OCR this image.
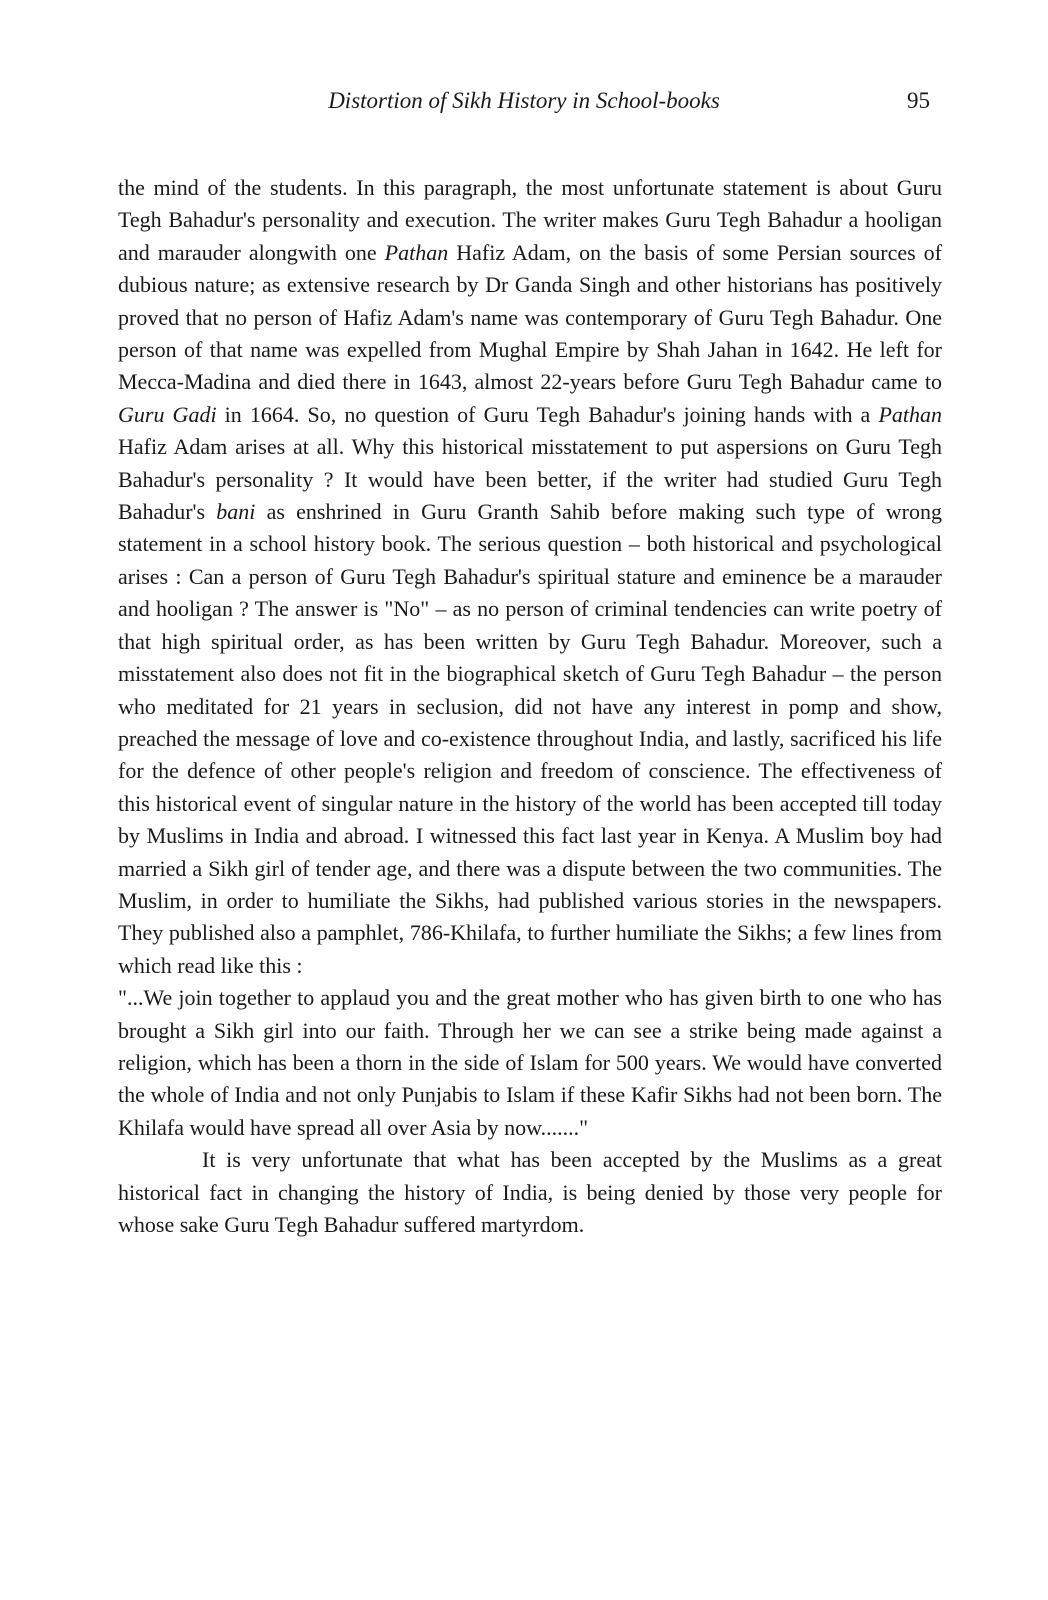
Distortion of Sikh History in School-books	95

the mind of the students. In this paragraph, the most unfortunate statement is about Guru Tegh Bahadur's personality and execution. The writer makes Guru Tegh Bahadur a hooligan and marauder alongwith one Pathan Hafiz Adam, on the basis of some Persian sources of dubious nature; as extensive research by Dr Ganda Singh and other historians has positively proved that no person of Hafiz Adam's name was contemporary of Guru Tegh Bahadur. One person of that name was expelled from Mughal Empire by Shah Jahan in 1642. He left for Mecca-Madina and died there in 1643, almost 22-years before Guru Tegh Bahadur came to Guru Gadi in 1664. So, no question of Guru Tegh Bahadur's joining hands with a Pathan Hafiz Adam arises at all. Why this historical misstatement to put aspersions on Guru Tegh Bahadur's personality ? It would have been better, if the writer had studied Guru Tegh Bahadur's bani as enshrined in Guru Granth Sahib before making such type of wrong statement in a school history book. The serious question – both historical and psychological arises : Can a person of Guru Tegh Bahadur's spiritual stature and eminence be a marauder and hooligan ? The answer is "No" – as no person of criminal tendencies can write poetry of that high spiritual order, as has been written by Guru Tegh Bahadur. Moreover, such a misstatement also does not fit in the biographical sketch of Guru Tegh Bahadur – the person who meditated for 21 years in seclusion, did not have any interest in pomp and show, preached the message of love and co-existence throughout India, and lastly, sacrificed his life for the defence of other people's religion and freedom of conscience. The effectiveness of this historical event of singular nature in the history of the world has been accepted till today by Muslims in India and abroad. I witnessed this fact last year in Kenya. A Muslim boy had married a Sikh girl of tender age, and there was a dispute between the two communities. The Muslim, in order to humiliate the Sikhs, had published various stories in the newspapers. They published also a pamphlet, 786-Khilafa, to further humiliate the Sikhs; a few lines from which read like this :

"...We join together to applaud you and the great mother who has given birth to one who has brought a Sikh girl into our faith. Through her we can see a strike being made against a religion, which has been a thorn in the side of Islam for 500 years. We would have converted the whole of India and not only Punjabis to Islam if these Kafir Sikhs had not been born. The Khilafa would have spread all over Asia by now......."

It is very unfortunate that what has been accepted by the Muslims as a great historical fact in changing the history of India, is being denied by those very people for whose sake Guru Tegh Bahadur suffered martyrdom.
